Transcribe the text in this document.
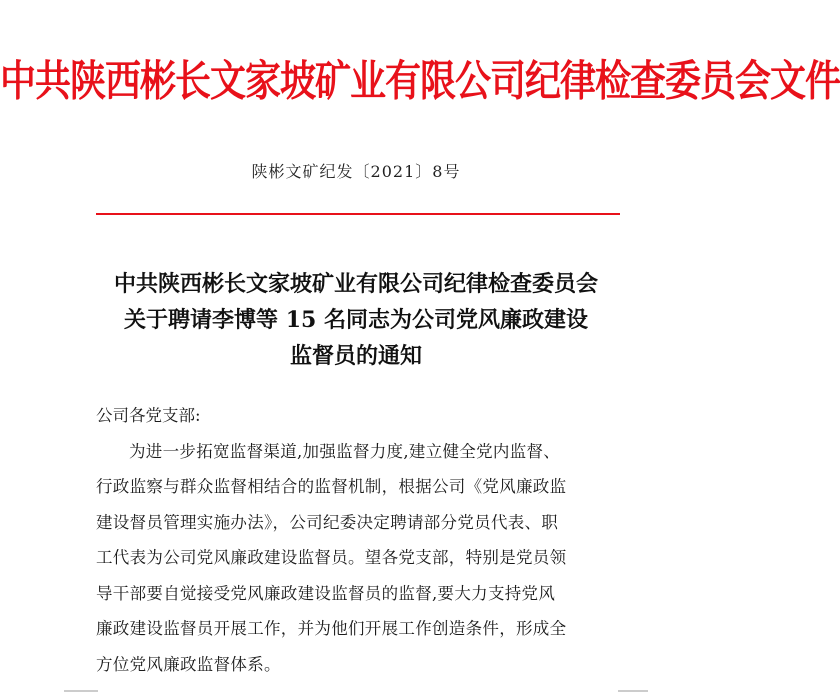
中共陕西彬长文家坡矿业有限公司纪律检查委员会文件
陕彬文矿纪发〔2021〕8号
中共陕西彬长文家坡矿业有限公司纪律检查委员会
关于聘请李博等 15 名同志为公司党风廉政建设
监督员的通知
公司各党支部:
为进一步拓宽监督渠道,加强监督力度,建立健全党内监督、
行政监察与群众监督相结合的监督机制，根据公司《党风廉政监
建设督员管理实施办法》，公司纪委决定聘请部分党员代表、职
工代表为公司党风廉政建设监督员。望各党支部，特别是党员领
导干部要自觉接受党风廉政建设监督员的监督,要大力支持党风
廉政建设监督员开展工作，并为他们开展工作创造条件，形成全
方位党风廉政监督体系。
